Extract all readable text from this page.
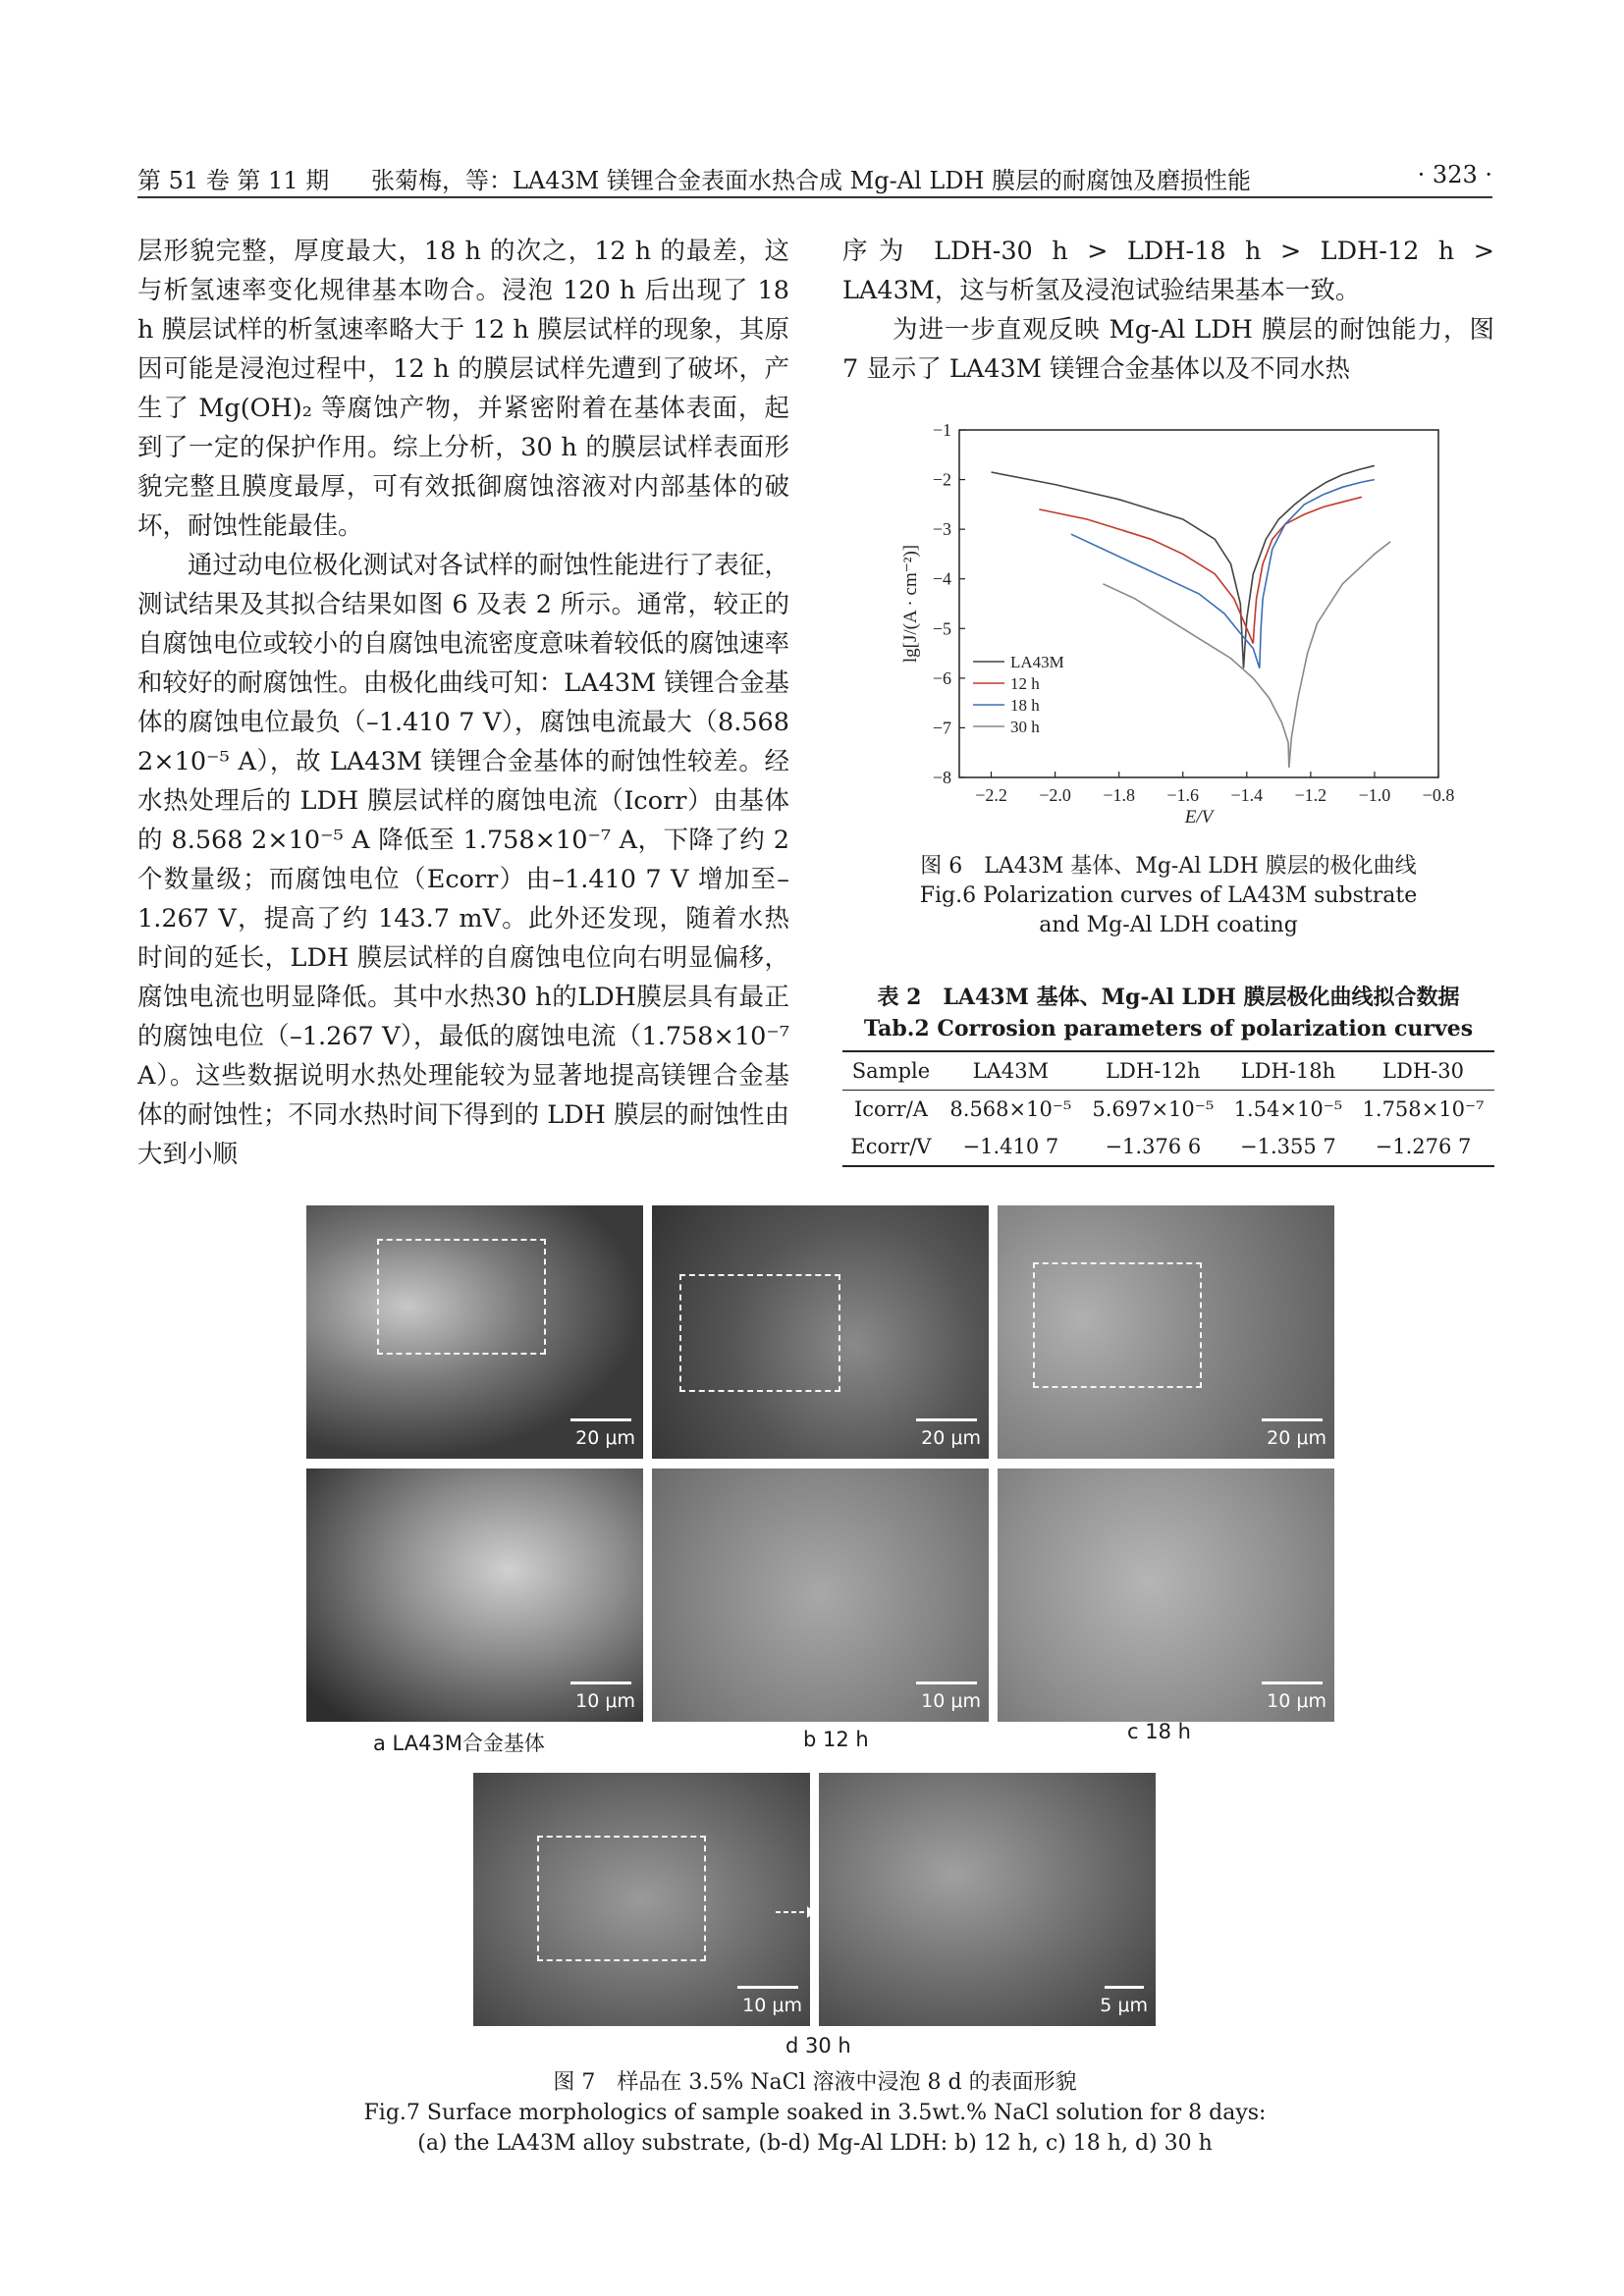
第 51 卷 第 11 期 张菊梅，等：LA43M 镁锂合金表面水热合成 Mg-Al LDH 膜层的耐腐蚀及磨损性能	· 323 ·

层形貌完整，厚度最大，18 h 的次之，12 h 的最差，这与析氢速率变化规律基本吻合。浸泡 120 h 后出现了 18 h 膜层试样的析氢速率略大于 12 h 膜层试样的现象，其原因可能是浸泡过程中，12 h 的膜层试样先遭到了破坏，产生了 Mg(OH)₂ 等腐蚀产物，并紧密附着在基体表面，起到了一定的保护作用。综上分析，30 h 的膜层试样表面形貌完整且膜度最厚，可有效抵御腐蚀溶液对内部基体的破坏，耐蚀性能最佳。

通过动电位极化测试对各试样的耐蚀性能进行了表征，测试结果及其拟合结果如图 6 及表 2 所示。通常，较正的自腐蚀电位或较小的自腐蚀电流密度意味着较低的腐蚀速率和较好的耐腐蚀性。由极化曲线可知：LA43M 镁锂合金基体的腐蚀电位最负（–1.410 7 V），腐蚀电流最大（8.568 2×10⁻⁵ A），故 LA43M 镁锂合金基体的耐蚀性较差。经水热处理后的 LDH 膜层试样的腐蚀电流（Icorr）由基体的 8.568 2×10⁻⁵ A 降低至 1.758×10⁻⁷ A，下降了约 2 个数量级；而腐蚀电位（Ecorr）由–1.410 7 V 增加至–1.267 V，提高了约 143.7 mV。此外还发现，随着水热时间的延长，LDH 膜层试样的自腐蚀电位向右明显偏移，腐蚀电流也明显降低。其中水热30 h的LDH膜层具有最正的腐蚀电位（–1.267 V），最低的腐蚀电流（1.758×10⁻⁷ A）。这些数据说明水热处理能较为显著地提高镁锂合金基体的耐蚀性；不同水热时间下得到的 LDH 膜层的耐蚀性由大到小顺

序为 LDH-30 h > LDH-18 h > LDH-12 h > LA43M，这与析氢及浸泡试验结果基本一致。

为进一步直观反映 Mg-Al LDH 膜层的耐蚀能力，图 7 显示了 LA43M 镁锂合金基体以及不同水热

−2.2 −2.0 −1.8 −1.6 −1.4 −1.2 −1.0 −0.8
−1
−2
−3
−4
−5
−6
−7
−8
E/V
lg[J/(A · cm⁻²)]	LA43M
12 h
18 h
30 h
图 6　LA43M 基体、Mg-Al LDH 膜层的极化曲线
Fig.6 Polarization curves of LA43M substrate
and Mg-Al LDH coating
表 2　LA43M 基体、Mg-Al LDH 膜层极化曲线拟合数据
Tab.2 Corrosion parameters of polarization curves
Sample	LA43M	LDH-12h	LDH-18h	LDH-30
Icorr/A	8.568×10⁻⁵	5.697×10⁻⁵	1.54×10⁻⁵	1.758×10⁻⁷
Ecorr/V	−1.410 7	−1.376 6	−1.355 7	−1.276 7
20 μm	20 μm	20 μm
10 μm	10 μm	10 μm
a LA43M合金基体	b 12 h	c 18 h
10 μm	5 μm
d 30 h
图 7　样品在 3.5% NaCl 溶液中浸泡 8 d 的表面形貌
Fig.7 Surface morphologics of sample soaked in 3.5wt.% NaCl solution for 8 days:
(a) the LA43M alloy substrate, (b-d) Mg-Al LDH: b) 12 h, c) 18 h, d) 30 h
